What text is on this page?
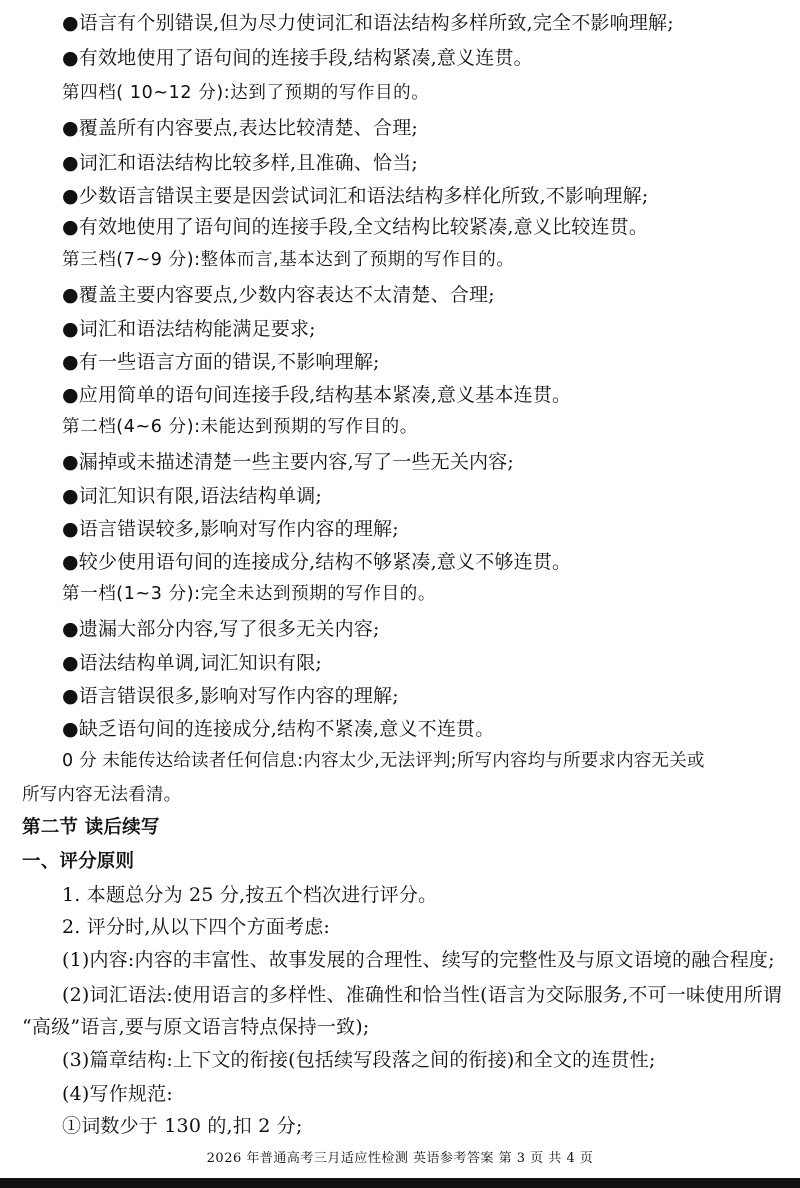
●语言有个别错误,但为尽力使词汇和语法结构多样所致,完全不影响理解;
●有效地使用了语句间的连接手段,结构紧凑,意义连贯。
第四档( 10~12 分):达到了预期的写作目的。
●覆盖所有内容要点,表达比较清楚、合理;
●词汇和语法结构比较多样,且准确、恰当;
●少数语言错误主要是因尝试词汇和语法结构多样化所致,不影响理解;
●有效地使用了语句间的连接手段,全文结构比较紧凑,意义比较连贯。
第三档(7~9 分):整体而言,基本达到了预期的写作目的。
●覆盖主要内容要点,少数内容表达不太清楚、合理;
●词汇和语法结构能满足要求;
●有一些语言方面的错误,不影响理解;
●应用简单的语句间连接手段,结构基本紧凑,意义基本连贯。
第二档(4~6 分):未能达到预期的写作目的。
●漏掉或未描述清楚一些主要内容,写了一些无关内容;
●词汇知识有限,语法结构单调;
●语言错误较多,影响对写作内容的理解;
●较少使用语句间的连接成分,结构不够紧凑,意义不够连贯。
第一档(1~3 分):完全未达到预期的写作目的。
●遗漏大部分内容,写了很多无关内容;
●语法结构单调,词汇知识有限;
●语言错误很多,影响对写作内容的理解;
●缺乏语句间的连接成分,结构不紧凑,意义不连贯。
0 分 未能传达给读者任何信息:内容太少,无法评判;所写内容均与所要求内容无关或
所写内容无法看清。
第二节 读后续写
一、评分原则
1. 本题总分为 25 分,按五个档次进行评分。
2. 评分时,从以下四个方面考虑:
(1)内容:内容的丰富性、故事发展的合理性、续写的完整性及与原文语境的融合程度;
(2)词汇语法:使用语言的多样性、准确性和恰当性(语言为交际服务,不可一味使用所谓
“高级”语言,要与原文语言特点保持一致);
(3)篇章结构:上下文的衔接(包括续写段落之间的衔接)和全文的连贯性;
(4)写作规范:
①词数少于 130 的,扣 2 分;
2026 年普通高考三月适应性检测 英语参考答案 第 3 页 共 4 页
